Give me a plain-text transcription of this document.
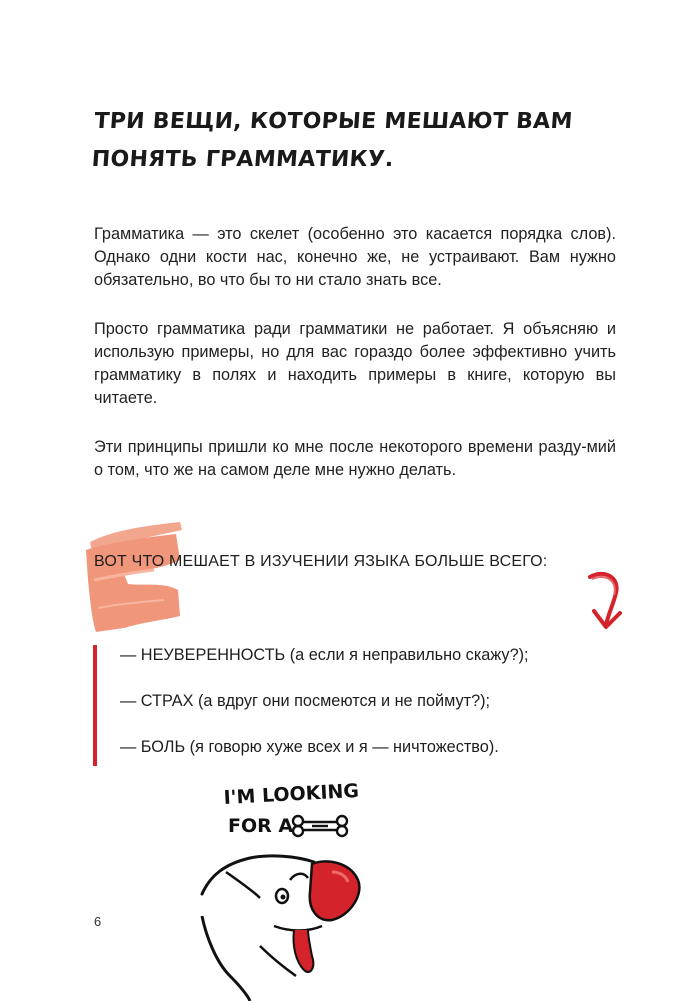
ТРИ ВЕЩИ, КОТОРЫЕ МЕШАЮТ ВАМ
ПОНЯТЬ ГРАММАТИКУ.

Грамматика — это скелет (особенно это касается порядка слов). Однако одни кости нас, конечно же, не устраивают. Вам нужно обязательно, во что бы то ни стало знать все.

Просто грамматика ради грамматики не работает. Я объясняю и использую примеры, но для вас гораздо более эффективно учить грамматику в полях и находить примеры в книге, которую вы читаете.

Эти принципы пришли ко мне после некоторого времени разду-мий о том, что же на самом деле мне нужно делать.

ВОТ ЧТО МЕШАЕТ В ИЗУЧЕНИИ ЯЗЫКА БОЛЬШЕ ВСЕГО:
— НЕУВЕРЕННОСТЬ (а если я неправильно скажу?);
— СТРАХ (а вдруг они посмеются и не поймут?);
— БОЛЬ (я говорю хуже всех и я — ничтожество).
I'M LOOKING
FOR A
6
